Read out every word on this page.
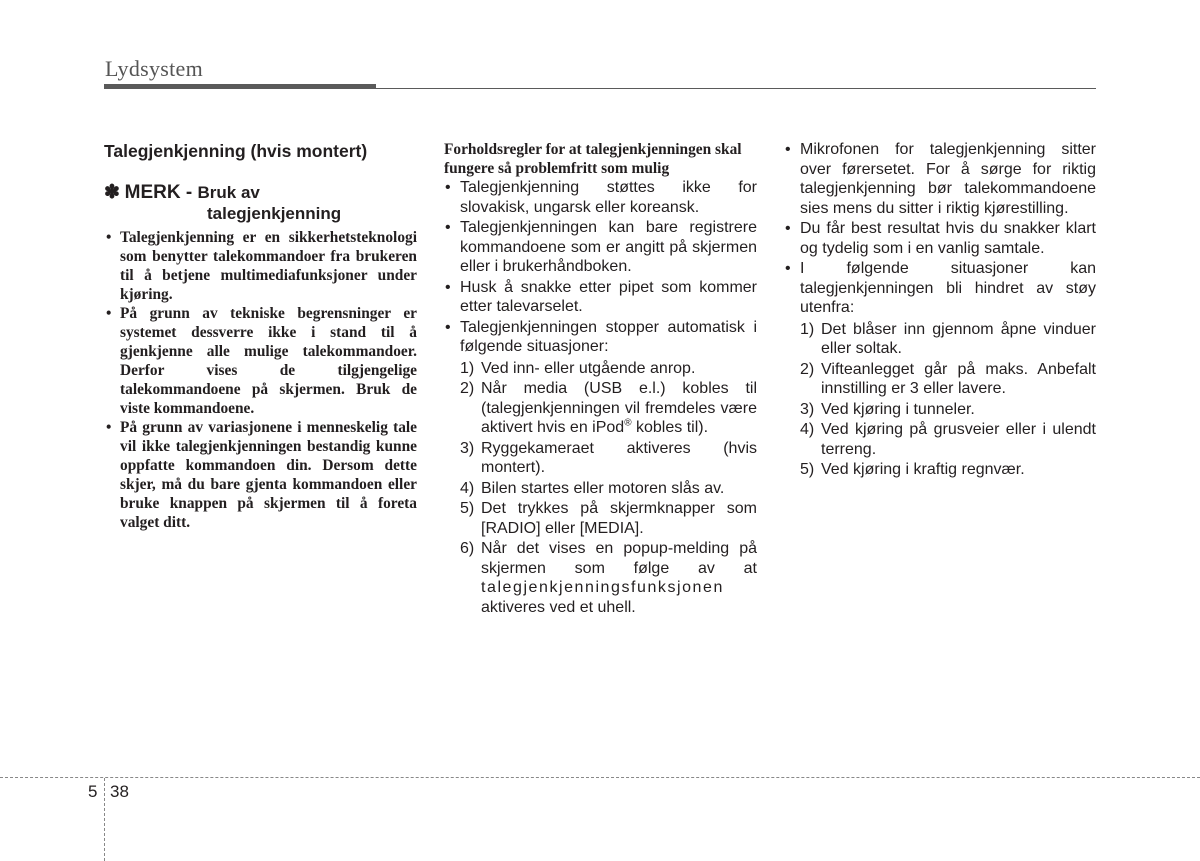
Lydsystem
Talegjenkjenning (hvis montert)
✽ MERK - Bruk av
talegjenkjenning
• Talegjenkjenning er en sikkerhetsteknologi som benytter talekommandoer fra brukeren til å betjene multimediafunksjoner under kjøring.
• På grunn av tekniske begrensninger er systemet dessverre ikke i stand til å gjenkjenne alle mulige talekommandoer. Derfor vises de tilgjengelige talekommandoene på skjermen. Bruk de viste kommandoene.
• På grunn av variasjonene i menneskelig tale vil ikke talegjenkjenningen bestandig kunne oppfatte kommandoen din. Dersom dette skjer, må du bare gjenta kommandoen eller bruke knappen på skjermen til å foreta valget ditt.
Forholdsregler for at talegjenkjenningen skal fungere så problemfritt som mulig
• Talegjenkjenning støttes ikke for slovakisk, ungarsk eller koreansk.
• Talegjenkjenningen kan bare registrere kommandoene som er angitt på skjermen eller i brukerhåndboken.
• Husk å snakke etter pipet som kommer etter talevarselet.
• Talegjenkjenningen stopper automatisk i følgende situasjoner:
1) Ved inn- eller utgående anrop.
2) Når media (USB e.l.) kobles til (talegjenkjenningen vil fremdeles være aktivert hvis en iPod® kobles til).
3) Ryggekameraet aktiveres (hvis montert).
4) Bilen startes eller motoren slås av.
5) Det trykkes på skjermknapper som [RADIO] eller [MEDIA].
6) Når det vises en popup-melding på skjermen som følge av at talegjenkjenningsfunksjonen aktiveres ved et uhell.
• Mikrofonen for talegjenkjenning sitter over førersetet. For å sørge for riktig talegjenkjenning bør talekommandoene sies mens du sitter i riktig kjørestilling.
• Du får best resultat hvis du snakker klart og tydelig som i en vanlig samtale.
• I følgende situasjoner kan talegjenkjenningen bli hindret av støy utenfra:
1) Det blåser inn gjennom åpne vinduer eller soltak.
2) Vifteanlegget går på maks. Anbefalt innstilling er 3 eller lavere.
3) Ved kjøring i tunneler.
4) Ved kjøring på grusveier eller i ulendt terreng.
5) Ved kjøring i kraftig regnvær.
5 38
